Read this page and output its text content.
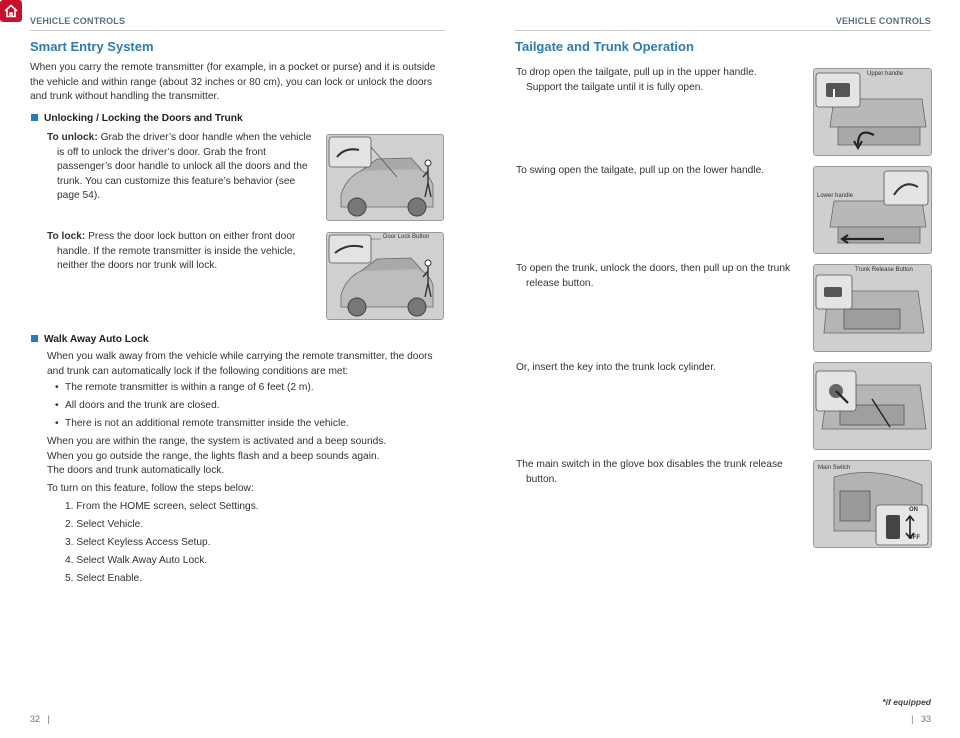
VEHICLE CONTROLS	VEHICLE CONTROLS
Smart Entry System
When you carry the remote transmitter (for example, in a pocket or purse) and it is outside the vehicle and within range (about 32 inches or 80 cm), you can lock or unlock the doors and trunk without handling the transmitter.
Unlocking / Locking the Doors and Trunk
To unlock: Grab the driver’s door handle when the vehicle is off to unlock the driver’s door. Grab the front passenger’s door handle to unlock all the doors and the trunk. You can customize this feature’s behavior (see page 54).
To lock: Press the door lock button on either front door handle. If the remote transmitter is inside the vehicle, neither the doors nor trunk will lock.
Door Lock Button
Walk Away Auto Lock
When you walk away from the vehicle while carrying the remote transmitter, the doors and trunk can automatically lock if the following conditions are met:
• The remote transmitter is within a range of 6 feet (2 m).
• All doors and the trunk are closed.
• There is not an additional remote transmitter inside the vehicle.
When you are within the range, the system is activated and a beep sounds.
When you go outside the range, the lights flash and a beep sounds again.
The doors and trunk automatically lock.
To turn on this feature, follow the steps below:
1. From the HOME screen, select Settings.
2. Select Vehicle.
3. Select Keyless Access Setup.
4. Select Walk Away Auto Lock.
5. Select Enable.
Tailgate and Trunk Operation
To drop open the tailgate, pull up in the upper handle. Support the tailgate until it is fully open.
To swing open the tailgate, pull up on the lower handle.
To open the trunk, unlock the doors, then pull up on the trunk release button.
Or, insert the key into the trunk lock cylinder.
The main switch in the glove box disables the trunk release button.
Upper handle
Lower handle
Trunk Release Button
Main Switch
ON
OFF
*if equipped
32 |	| 33
